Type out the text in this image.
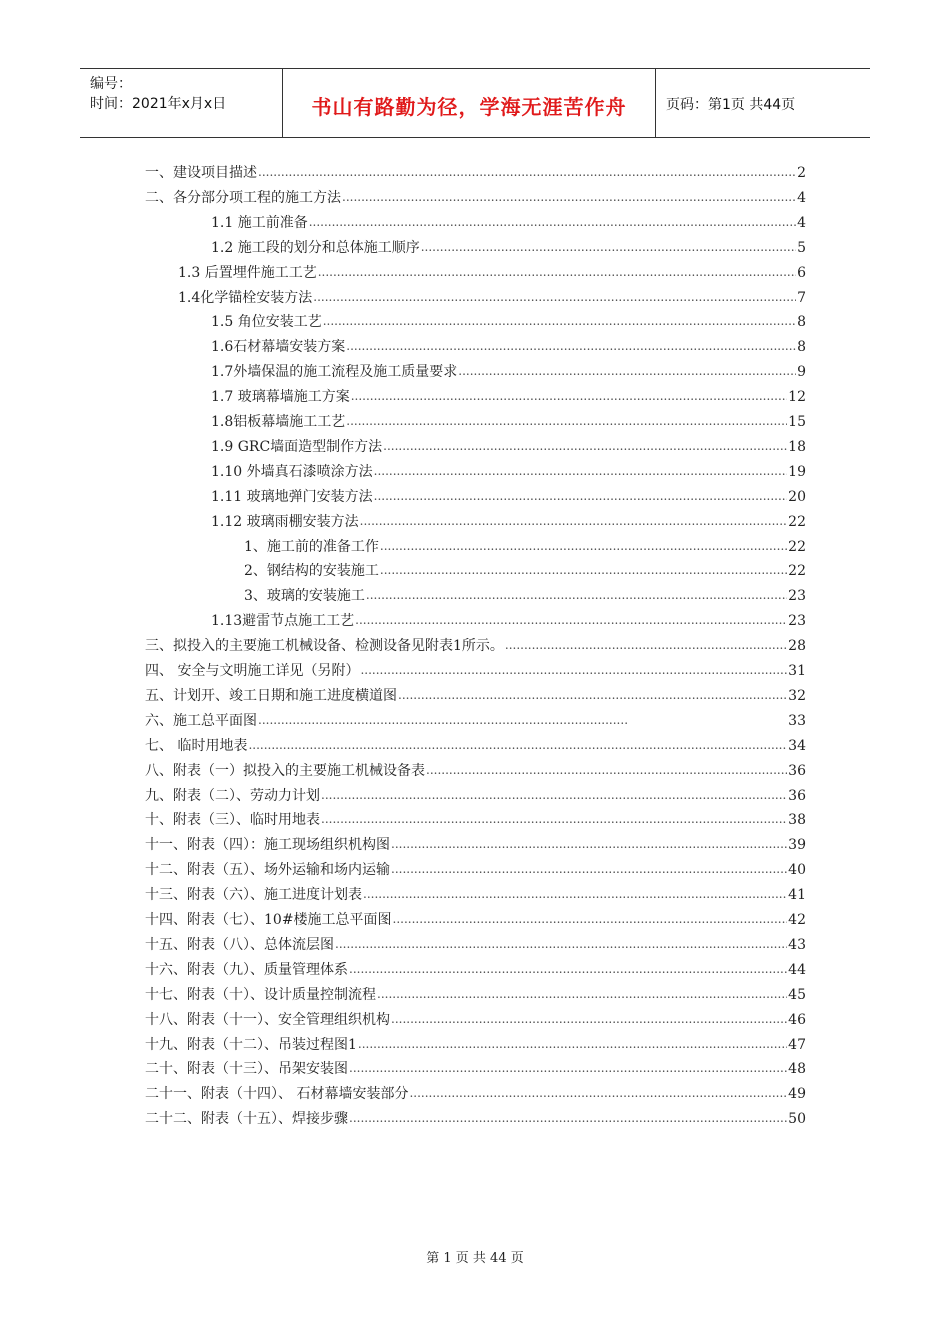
编号：
时间：2021年x月x日	书山有路勤为径，学海无涯苦作舟	页码：第1页 共44页
一、建设项目描述 .....	2
二、各分部分项工程的施工方法 .....	4
1.1 施工前准备 .....	4
1.2 施工段的划分和总体施工顺序 .....	5
1.3 后置埋件施工工艺 .....	6
1.4化学锚栓安装方法 .....	7
1.5 角位安装工艺 .....	8
1.6石材幕墙安装方案 .....	8
1.7外墙保温的施工流程及施工质量要求 .....	9
1.7 玻璃幕墙施工方案 .....	12
1.8铝板幕墙施工工艺 .....	15
1.9 GRC墙面造型制作方法 .....	18
1.10 外墙真石漆喷涂方法 .....	19
1.11 玻璃地弹门安装方法 .....	20
1.12 玻璃雨棚安装方法 .....	22
1、施工前的准备工作 .....	22
2、钢结构的安装施工 .....	22
3、玻璃的安装施工 .....	23
1.13避雷节点施工工艺 .....	23
三、拟投入的主要施工机械设备、检测设备见附表1所示。 .....	28
四、 安全与文明施工详见（另附） .....	31
五、计划开、竣工日期和施工进度横道图 .....	32
六、施工总平面图 .....	33
七、 临时用地表 .....	34
八、附表（一）拟投入的主要施工机械设备表 .....	36
九、附表（二）、劳动力计划 .....	36
十、附表（三）、临时用地表 .....	38
十一、附表（四）：施工现场组织机构图 .....	39
十二、附表（五）、场外运输和场内运输 .....	40
十三、附表（六）、施工进度计划表 .....	41
十四、附表（七）、10#楼施工总平面图 .....	42
十五、附表（八）、总体流层图 .....	43
十六、附表（九）、质量管理体系 .....	44
十七、附表（十）、设计质量控制流程 .....	45
十八、附表（十一）、安全管理组织机构 .....	46
十九、附表（十二）、吊装过程图1 .....	47
二十、附表（十三）、吊架安装图 .....	48
二十一、附表（十四）、 石材幕墙安装部分 .....	49
二十二、附表（十五）、焊接步骤 .....	50
第 1 页 共 44 页
